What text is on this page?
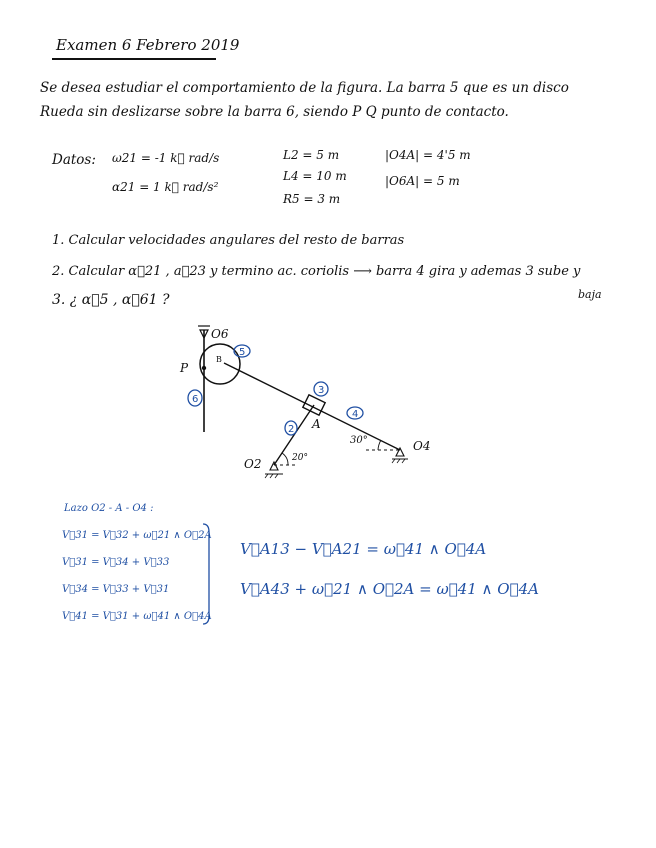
Examen 6 Febrero 2019
Se desea estudiar el comportamiento de la figura. La barra 5 que es un disco
Rueda sin deslizarse sobre la barra 6, siendo P Q punto de contacto.
Datos: ω21 = -1 k⃗ rad/s
α21 = 1 k⃗ rad/s²
L2 = 5 m
L4 = 10 m
R5 = 3 m
|O4A| = 4'5 m
|O6A| = 5 m
1. Calcular velocidades angulares del resto de barras
2. Calcular α⃗21 , a⃗23 y termino ac. coriolis ⟶ barra 4 gira y ademas 3 sube y
baja
3. ¿ α⃗5 , α⃗61 ?
O6
B
P
A
O2
O4
30°
20°
5
6
3
2
4
Lazo O2 - A - O4 :
V⃗31 = V⃗32 + ω⃗21 ∧ O⃗2A
V⃗31 = V⃗34 + V⃗33
V⃗34 = V⃗33 + V⃗31
V⃗41 = V⃗31 + ω⃗41 ∧ O⃗4A
V⃗A13 − V⃗A21 = ω⃗41 ∧ O⃗4A
V⃗A43 + ω⃗21 ∧ O⃗2A = ω⃗41 ∧ O⃗4A
